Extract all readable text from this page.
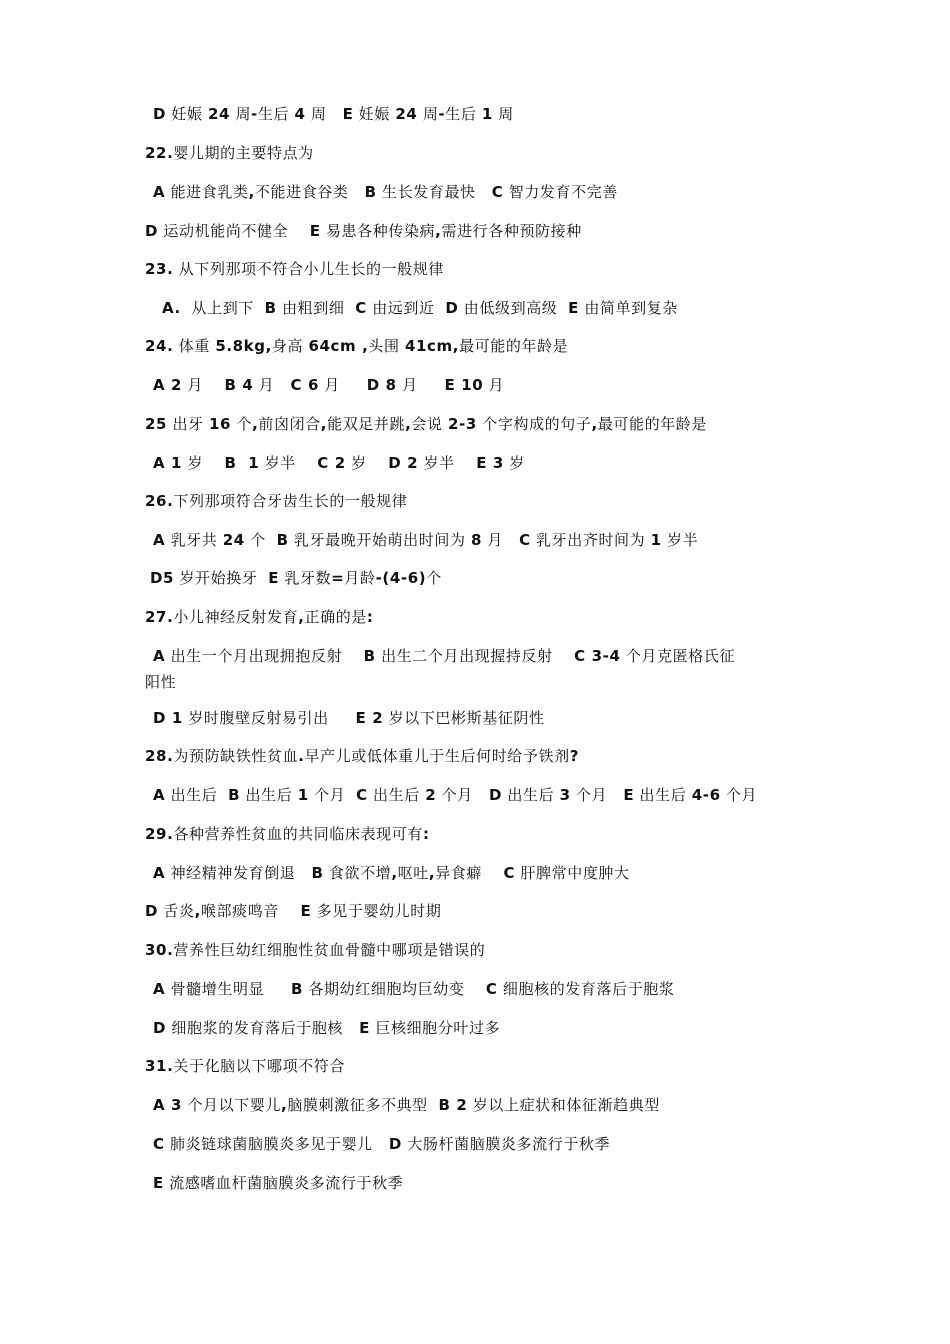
D 妊娠 24 周-生后 4 周 E 妊娠 24 周-生后 1 周
22.婴儿期的主要特点为
A 能进食乳类,不能进食谷类   B 生长发育最快   C 智力发育不完善
D 运动机能尚不健全    E 易患各种传染病,需进行各种预防接种
23. 从下列那项不符合小儿生长的一般规律
A.  从上到下  B 由粗到细  C 由远到近  D 由低级到高级  E 由简单到复杂
24. 体重 5.8kg,身高 64cm ,头围 41cm,最可能的年龄是
A 2 月    B 4 月   C 6 月     D 8 月     E 10 月
25 出牙 16 个,前囟闭合,能双足并跳,会说 2-3 个字构成的句子,最可能的年龄是
A 1 岁    B  1 岁半    C 2 岁    D 2 岁半    E 3 岁
26.下列那项符合牙齿生长的一般规律
A 乳牙共 24 个  B 乳牙最晚开始萌出时间为 8 月   C 乳牙出齐时间为 1 岁半
D5 岁开始换牙  E 乳牙数=月龄-(4-6)个
27.小儿神经反射发育,正确的是:
A 出生一个月出现拥抱反射    B 出生二个月出现握持反射    C 3-4 个月克匿格氏征
阳性
D 1 岁时腹壁反射易引出     E 2 岁以下巴彬斯基征阴性
28.为预防缺铁性贫血.早产儿或低体重儿于生后何时给予铁剂?
A 出生后  B 出生后 1 个月  C 出生后 2 个月   D 出生后 3 个月   E 出生后 4-6 个月
29.各种营养性贫血的共同临床表现可有:
A 神经精神发育倒退   B 食欲不增,呕吐,异食癖    C 肝脾常中度肿大
D 舌炎,喉部痰鸣音    E 多见于婴幼儿时期
30.营养性巨幼红细胞性贫血骨髓中哪项是错误的
A 骨髓增生明显     B 各期幼红细胞均巨幼变    C 细胞核的发育落后于胞浆
D 细胞浆的发育落后于胞核   E 巨核细胞分叶过多
31.关于化脑以下哪项不符合
A 3 个月以下婴儿,脑膜刺激征多不典型  B 2 岁以上症状和体征渐趋典型
C 肺炎链球菌脑膜炎多见于婴儿   D 大肠杆菌脑膜炎多流行于秋季
E 流感嗜血杆菌脑膜炎多流行于秋季
